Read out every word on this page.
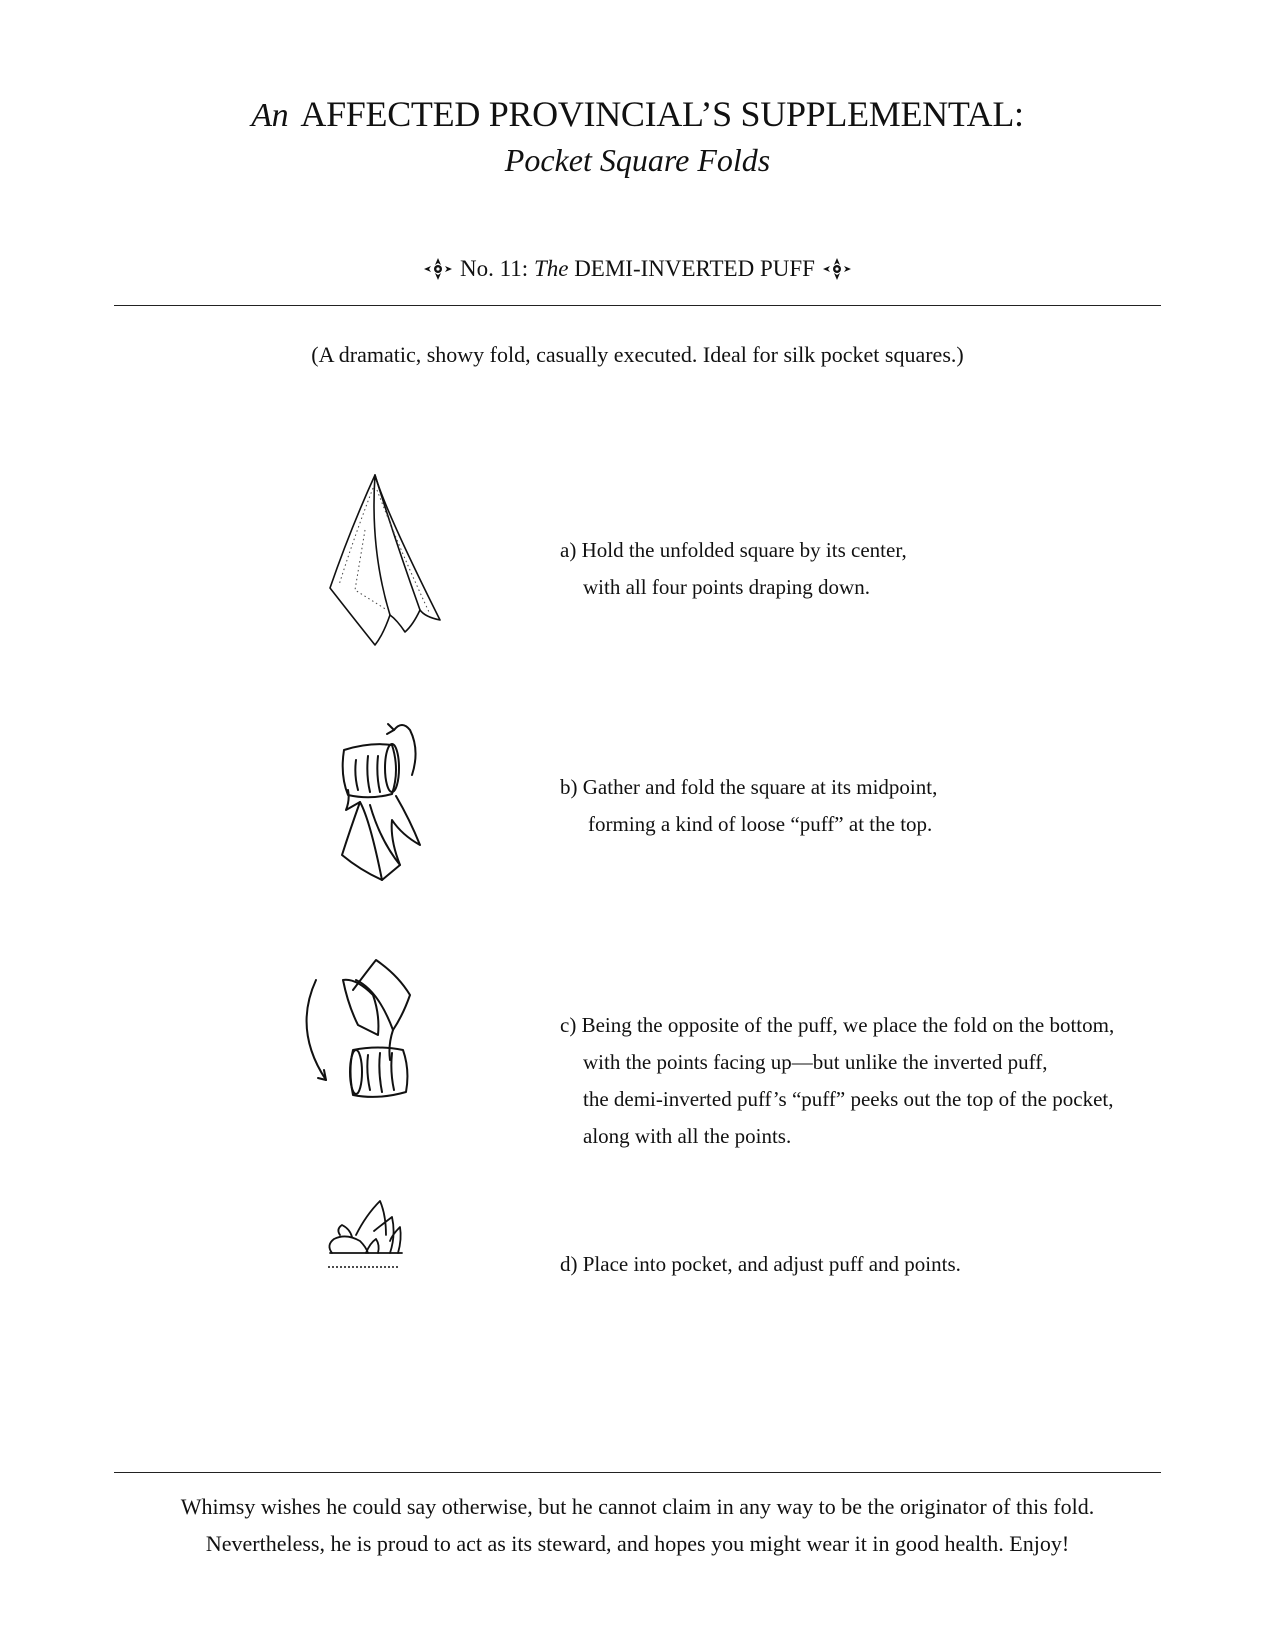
An AFFECTED PROVINCIAL’S SUPPLEMENTAL:
Pocket Square Folds
No. 11: The DEMI-INVERTED PUFF
(A dramatic, showy fold, casually executed. Ideal for silk pocket squares.)
a) Hold the unfolded square by its center,
with all four points draping down.
b) Gather and fold the square at its midpoint,
forming a kind of loose “puff” at the top.
c) Being the opposite of the puff, we place the fold on the bottom,
with the points facing up—but unlike the inverted puff,
the demi-inverted puff’s “puff” peeks out the top of the pocket,
along with all the points.
d) Place into pocket, and adjust puff and points.
Whimsy wishes he could say otherwise, but he cannot claim in any way to be the originator of this fold.
Nevertheless, he is proud to act as its steward, and hopes you might wear it in good health. Enjoy!
